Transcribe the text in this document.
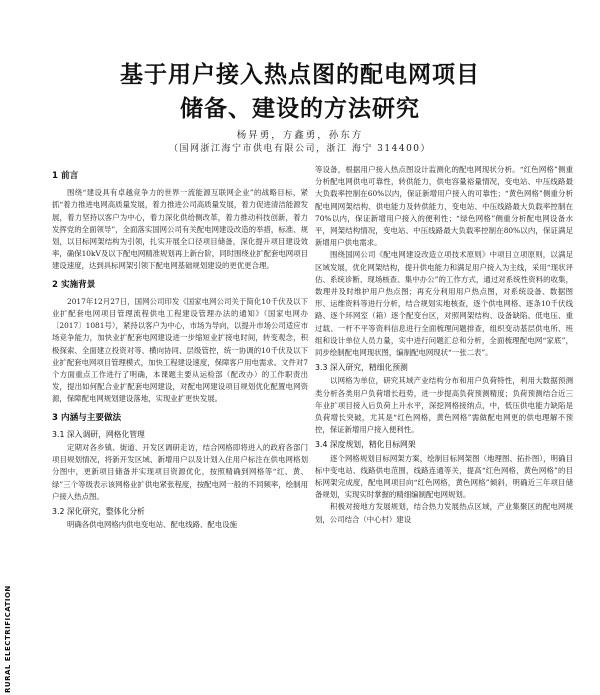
基于用户接入热点图的配电网项目
储备、建设的方法研究
杨昇勇，方鑫勇，孙东方
（国网浙江海宁市供电有限公司，浙江 海宁 314400）
1 前言

围绕“建设具有卓越竞争力的世界一流能源互联网企业”的战略目标，紧抓“着力推进电网高质量发展，着力推进公司高质量发展，着力促进清洁能源发展，着力坚持以客户为中心，着力深化供给侧改革，着力推动科技创新，着力发挥党的全面领导”，全面落实国网公司有关配电网建设改造的举措，标准、规划，以目标网架结构为引领，扎实开展全口径项目储备，深化提升项目建设效率，确保10kV及以下配电网精准规划再上新台阶，同时围绕业扩配套电网项目建设速度，达到具标网架引领下配电网基础规划建设的更优更合理。

2 实施背景

2017年12月27日，国网公司印发《国家电网公司关于简化10千伏及以下业扩配套电网项目管理流程供电工程建设管理办法的通知》（国家电网办〔2017〕1081号），紧持以客户为中心，市场为导向，以提升市场公司适应市场竞争能力，加快业扩配套电网建设进一步缩短业扩接电时间，转变观念，积极探索、全面建立投资对等、横向协同、层级管控，统一协调的10千伏及以下业扩配套电网项目管理模式，加快工程建设速度，保障客户用电需求。文件对7个方面重点工作进行了明确，本课题主要从运检部（配改办）的工作职责出发，提出如何配合业扩配套电网建设，对配电网建设项目规划优化配置电网资源，保障配电网规划建设落地，实现业扩更快发展。

3 内涵与主要做法
3.1 深入调研，网格化管理

定期对各乡镇、街道、开发区调研走访，结合网格即将进入的政府各部门项目规划情况，将新开发区域、新增用户以及计划入住用户标注在供电网格划分图中，更新项目储备并实现项目资源优化，按照精确到网格等“红、黄、绿”三个等级表示该网格业扩供电紧张程度，按配电网一般的不同频率，绘制用户接入热点图。

3.2 深化研究，整体化分析

明确各供电网格内供电变电站、配电线路、配电设施

等设备，根据用户接入热点图设计监测化的配电网现状分析。“红色网格”侧重分析配电网供电可靠性，转供能力，供电容量裕量情况，变电站、中压线路最大负载率控制在60%以内，保证新增用户接入的可靠性；“黄色网格”侧重分析配电网网架结构、供电能力及转供能力，变电站、中压线路最大负载率控制在70%以内，保证新增用户接入的便利性；“绿色网格”侧重分析配电网设备水平，网架结构情况，变电站、中压线路最大负载率控制在80%以内，保证满足新增用户供电需求。

围绕国网公司《配电网建设改造立项技术原则》中项目立项原则，以满足区域发展，优化网架结构，提升供电能力和满足用户接入为主线，采用“现状评估、系统诊断、现场核查、集中办公”的工作方式，通过对系统性资料的收集，数理并及时维护用户热点图；再充分利用用户热点图，对系统设备、数据图形、运维资料等进行分析，结合规划实地核查，逐个供电网格、逐条10千伏线路、逐个环网室（箱）逐个配变台区，对照网架结构、设备缺陷、低电压、重过载、一杆不平等资料信息进行全面梳理问题排查，组织变动基层供电所、班组和设计单位人员力量，实中进行问题汇总和分析，全面梳理配电网“家底”，同步绘制配电网现状图，编制配电网现状“一张二表”。

3.3 深入研究，精细化预测

以网格为单位，研究其域产业结构分布和用户负荷特性，利用大数据预测类分析各类用户负荷增长趋势，进一步提高负荷预测精度；负荷预测结合近三年业扩项目接入后负荷上升水平，深挖网格接纳点，中，低压供电能力缺陷是负荷增长突破，尤其是“红色网格，黄色网格”需做配电网更的供电理解不预控，保证新增用户接入便利性。

3.4 深度规划，精化目标网架

逐个网格规划目标网架方案，绘制目标网架图（地理图、拓扑图），明确目标中变电站、线路供电范围，线路连通等关，提高“红色网格，黄色网格”的目标网架完成度，配电网项目向“红色网格，黄色网格”倾斜，明确近三年项目储备规划，实现实时掌握的精细编制配电网规划。

积极对接地方发展规划，结合热力发展热点区域，产业集聚区的配电网规划，公司结合（中心村）建设

RURAL ELECTRIFICATION
